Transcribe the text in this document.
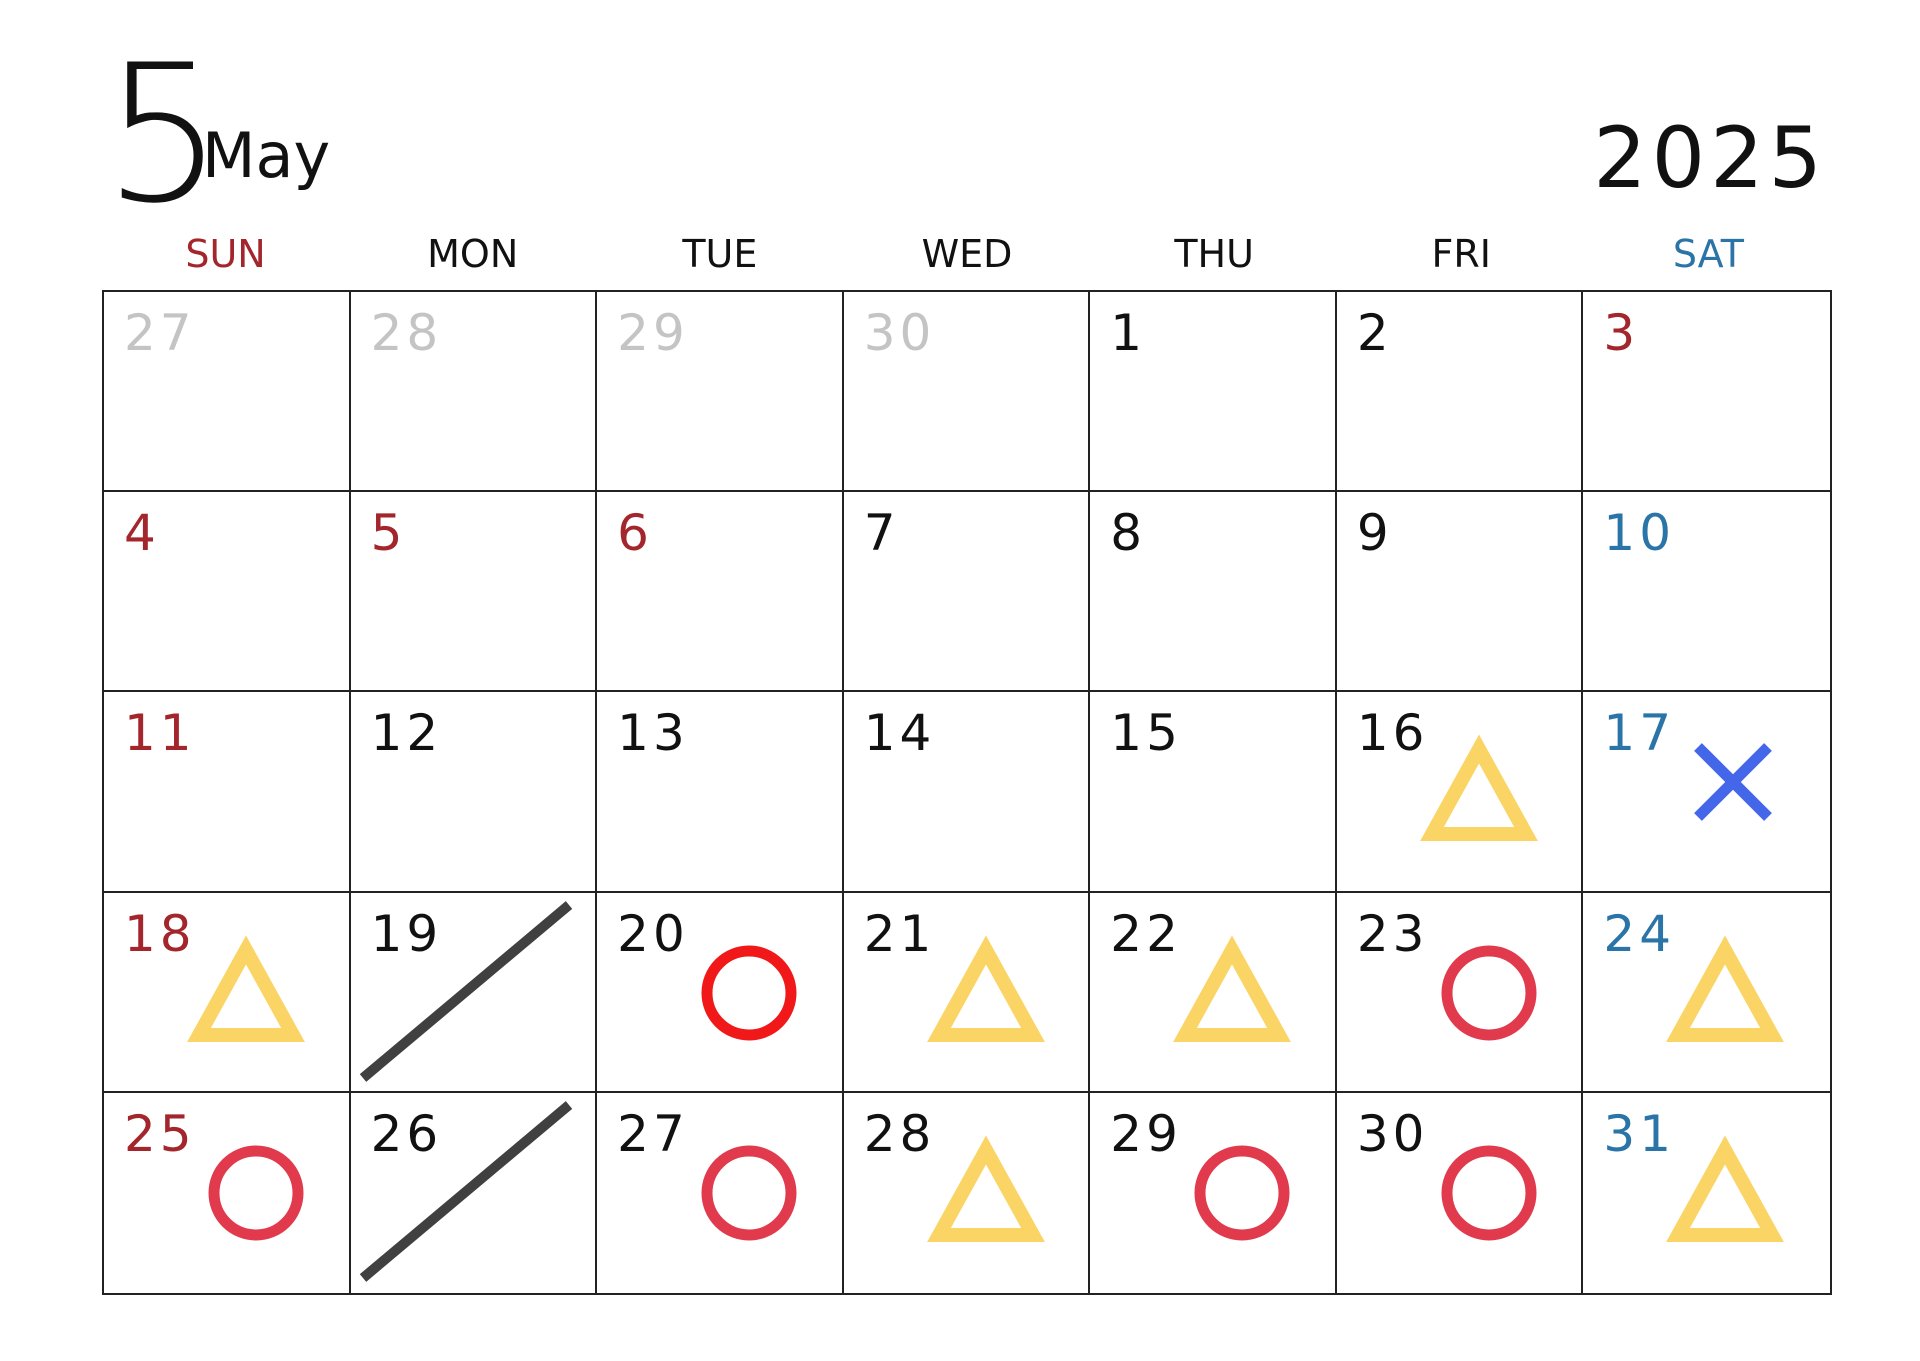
5
May	2025
SUN	MON	TUE	WED	THU	FRI	SAT
27	28	29	30	1	2	3
4	5	6	7	8	9	10
11	12	13	14	15	16	17
18	19	20	21	22	23	24
25	26	27	28	29	30	31
